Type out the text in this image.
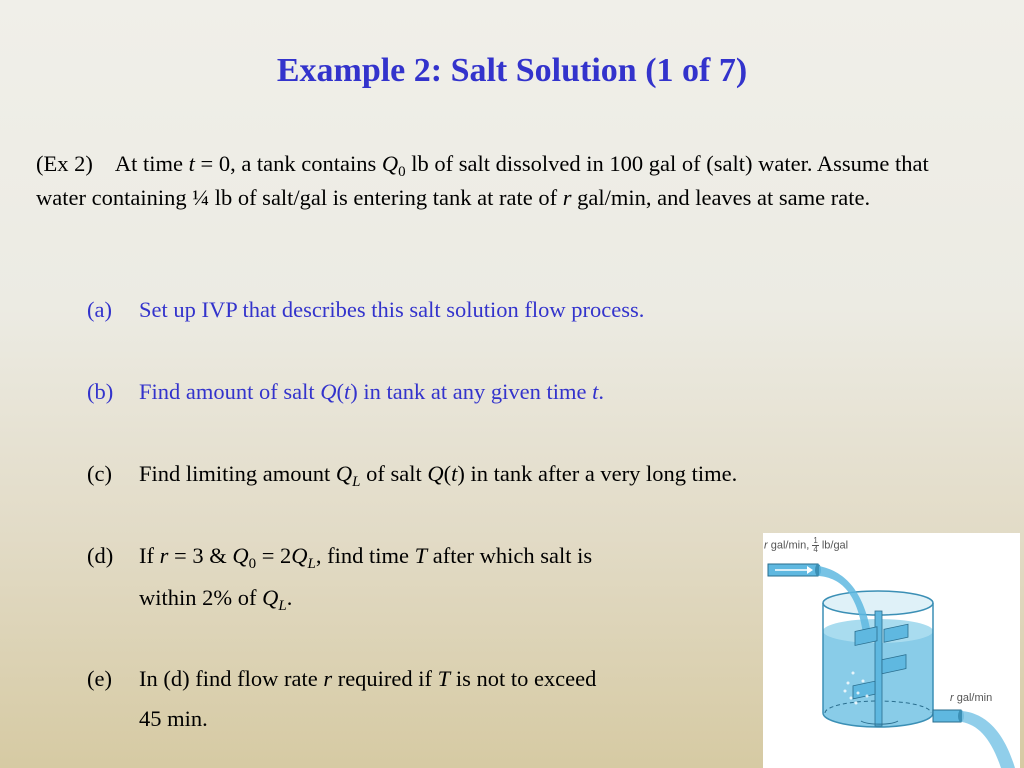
Example 2: Salt Solution (1 of 7)
(Ex 2) At time t = 0, a tank contains $Q_0$ lb of salt dissolved in 100 gal of (salt) water. Assume that water containing ¼ lb of salt/gal is entering tank at rate of r gal/min, and leaves at same rate.
(a) Set up IVP that describes this salt solution flow process.
(b) Find amount of salt Q(t) in tank at any given time t.
(c) Find limiting amount $Q_L$ of salt Q(t) in tank after a very long time.
(d) If r = 3 & $Q_0 = 2Q_L$, find time T after which salt is
within 2% of $Q_L$.
(e) In (d) find flow rate r required if T is not to exceed
45 min.
r gal/min, $\frac{1}{4} lb/gal$
r gal/min
